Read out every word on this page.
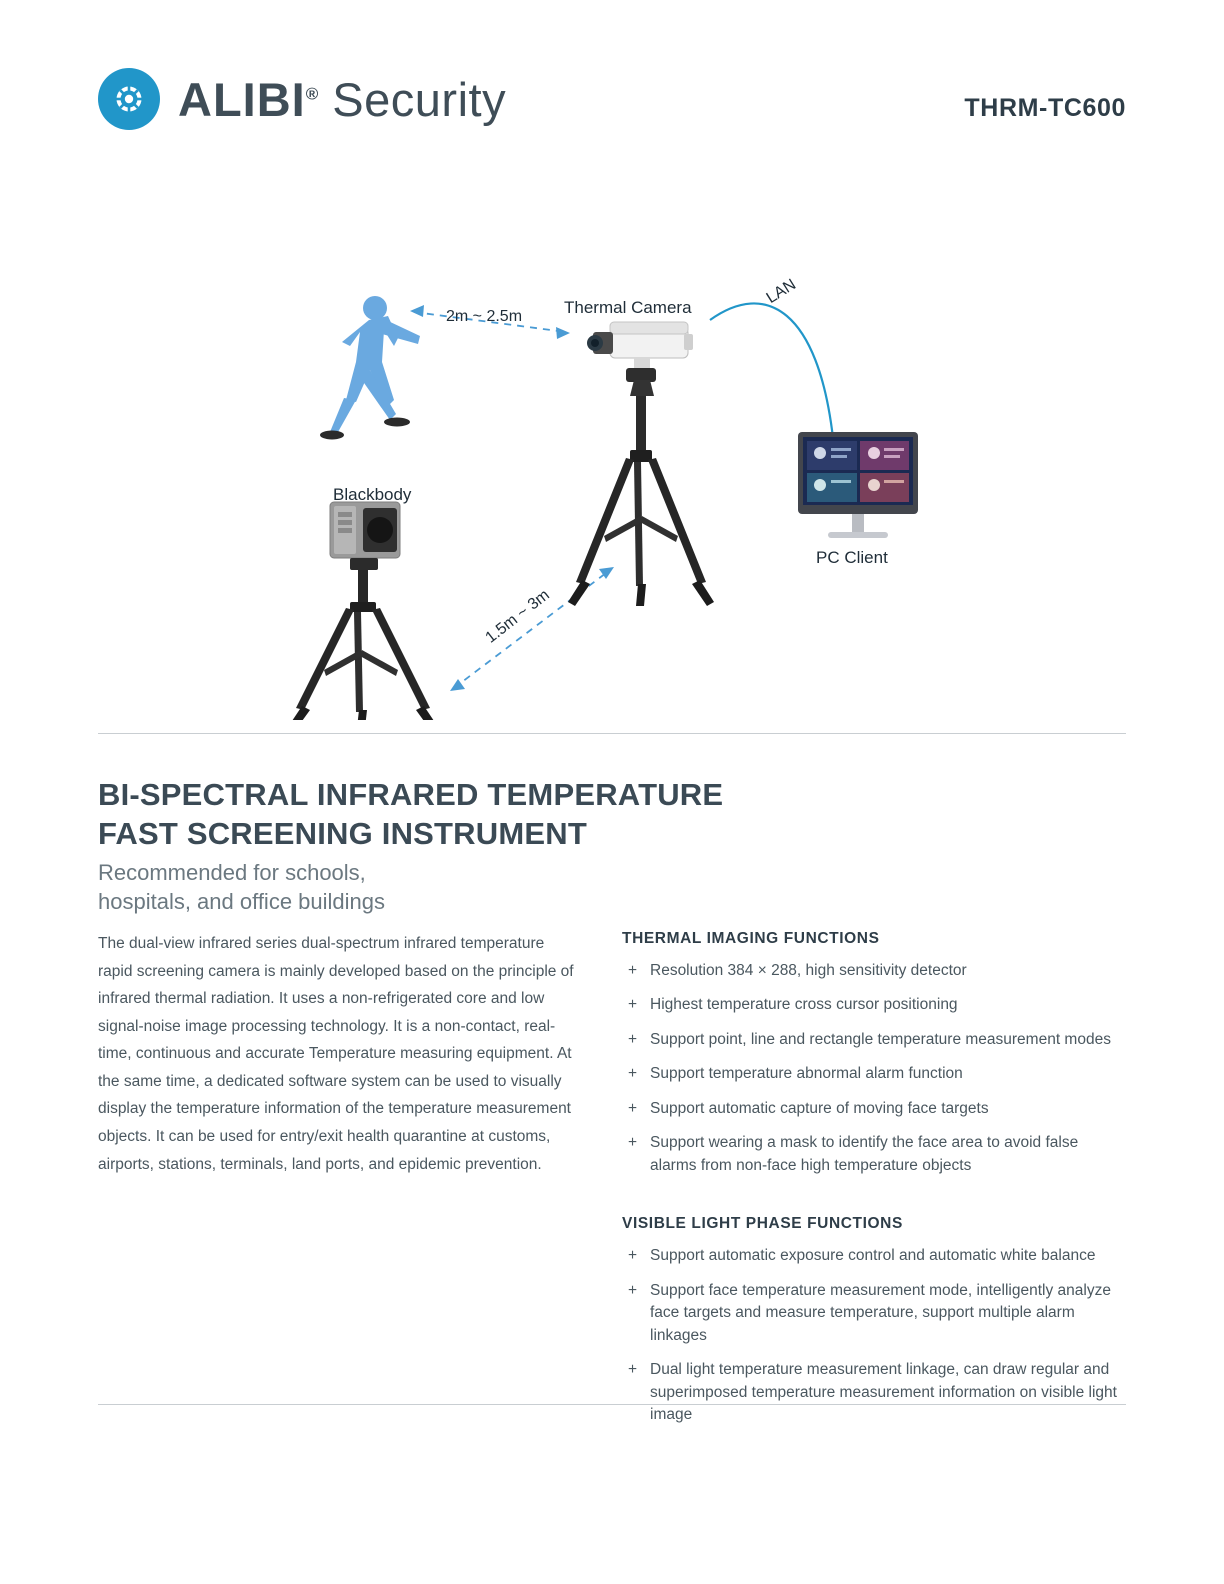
ALIBI® Security	THRM-TC600
Thermal Camera
Blackbody
PC Client
LAN
2m ~ 2.5m
1.5m ~ 3m
BI-SPECTRAL INFRARED TEMPERATURE
FAST SCREENING INSTRUMENT
Recommended for schools,
hospitals, and office buildings
The dual-view infrared series dual-spectrum infrared temperature rapid screening camera is mainly developed based on the principle of infrared thermal radiation. It uses a non-refrigerated core and low signal-noise image processing technology. It is a non-contact, real-time, continuous and accurate Temperature measuring equipment. At the same time, a dedicated software system can be used to visually display the temperature information of the temperature measurement objects. It can be used for entry/exit health quarantine at customs, airports, stations, terminals, land ports, and epidemic prevention.
THERMAL IMAGING FUNCTIONS
+ Resolution 384 × 288, high sensitivity detector
+ Highest temperature cross cursor positioning
+ Support point, line and rectangle temperature measurement modes
+ Support temperature abnormal alarm function
+ Support automatic capture of moving face targets
+ Support wearing a mask to identify the face area to avoid false alarms from non-face high temperature objects
VISIBLE LIGHT PHASE FUNCTIONS
+ Support automatic exposure control and automatic white balance
+ Support face temperature measurement mode, intelligently analyze face targets and measure temperature, support multiple alarm linkages
+ Dual light temperature measurement linkage, can draw regular and superimposed temperature measurement information on visible light image
